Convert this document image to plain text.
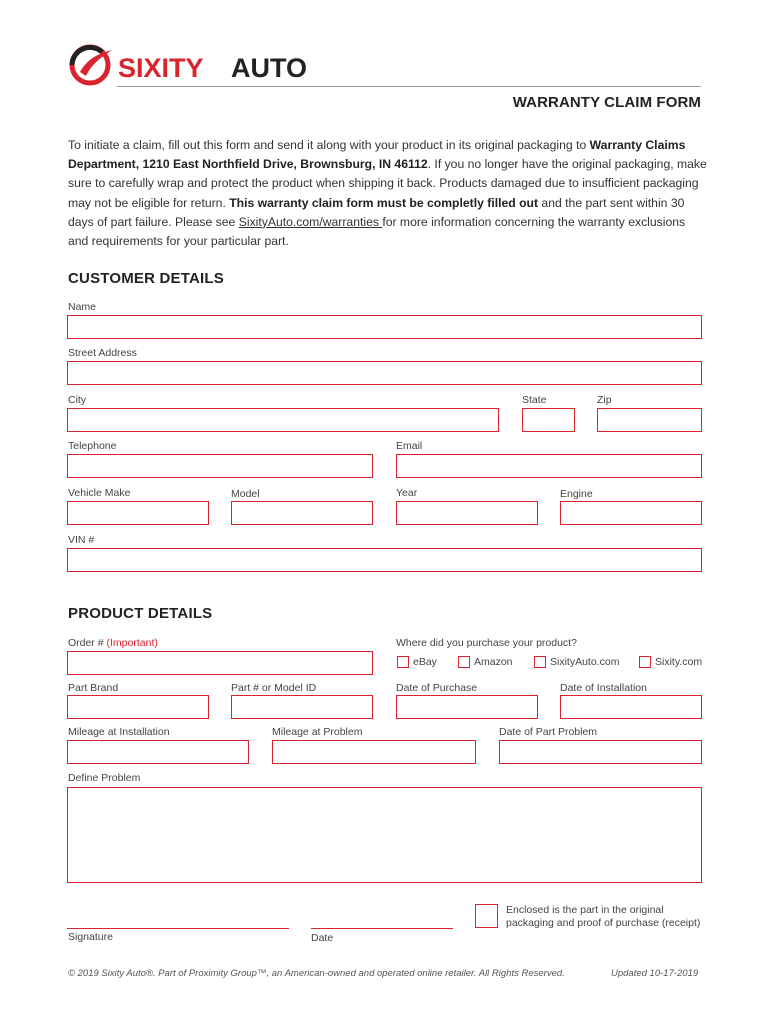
SIXITY AUTO
WARRANTY CLAIM FORM
To initiate a claim, fill out this form and send it along with your product in its original packaging to Warranty Claims Department, 1210 East Northfield Drive, Brownsburg, IN 46112. If you no longer have the original packaging, make sure to carefully wrap and protect the product when shipping it back. Products damaged due to insufficient packaging may not be eligible for return. This warranty claim form must be completly filled out and the part sent within 30 days of part failure. Please see SixityAuto.com/warranties for more information concerning the warranty exclusions and requirements for your particular part.
CUSTOMER DETAILS
Name
Street Address
City	State	Zip
Telephone	Email
Vehicle Make	Model	Year	Engine
VIN #
PRODUCT DETAILS
Order # (Important)	Where did you purchase your product?
eBay	Amazon	SixityAuto.com	Sixity.com
Part Brand	Part # or Model ID	Date of Purchase	Date of Installation
Mileage at Installation	Mileage at Problem	Date of Part Problem
Define Problem
Signature	Date
Enclosed is the part in the original
packaging and proof of purchase (receipt)
© 2019 Sixity Auto®. Part of Proximity Group™, an American-owned and operated online retailer. All Rights Reserved.	Updated 10-17-2019
